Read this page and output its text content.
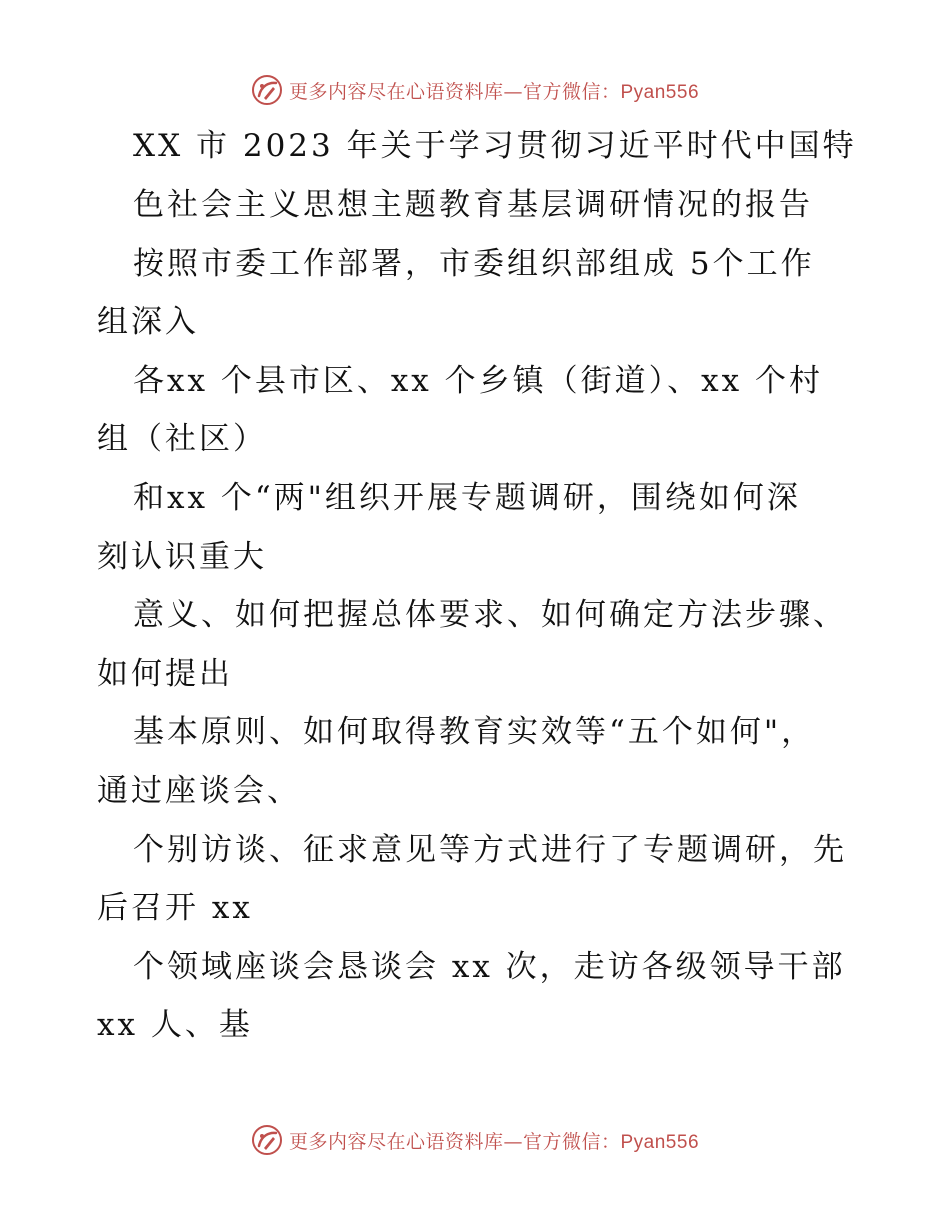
更多内容尽在心语资料库—官方微信：Pyan556
XX 市 2023 年关于学习贯彻习近平时代中国特
色社会主义思想主题教育基层调研情况的报告
按照市委工作部署，市委组织部组成 5个工作
组深入
各xx 个县市区、xx 个乡镇（街道）、xx 个村
组（社区）
和xx 个“两"组织开展专题调研，围绕如何深
刻认识重大
意义、如何把握总体要求、如何确定方法步骤、
如何提出
基本原则、如何取得教育实效等“五个如何"，
通过座谈会、
个别访谈、征求意见等方式进行了专题调研，先
后召开 xx
个领域座谈会恳谈会 xx 次，走访各级领导干部
xx 人、基
更多内容尽在心语资料库—官方微信：Pyan556
